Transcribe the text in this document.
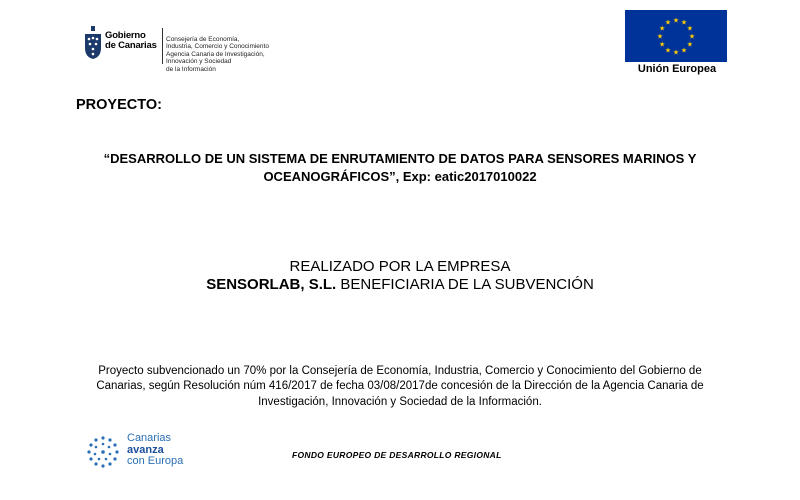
Gobierno
de Canarias
Consejería de Economía,
Industria, Comercio y Conocimiento
Agencia Canaria de Investigación,
Innovación y Sociedad
de la Información
★ ★
★
★
★
★
★
★
★
★
★
★
Unión Europea
PROYECTO:
“DESARROLLO DE UN SISTEMA DE ENRUTAMIENTO DE DATOS PARA SENSORES MARINOS Y
OCEANOGRÁFICOS”, Exp: eatic2017010022
REALIZADO POR LA EMPRESA
SENSORLAB, S.L. BENEFICIARIA DE LA SUBVENCIÓN
Proyecto subvencionado un 70% por la Consejería de Economía, Industria, Comercio y Conocimiento del Gobierno de
Canarias, según Resolución núm 416/2017 de fecha 03/08/2017de concesión de la Dirección de la Agencia Canaria de
Investigación, Innovación y Sociedad de la Información.
Canarias
avanza
con Europa	FONDO EUROPEO DE DESARROLLO REGIONAL
